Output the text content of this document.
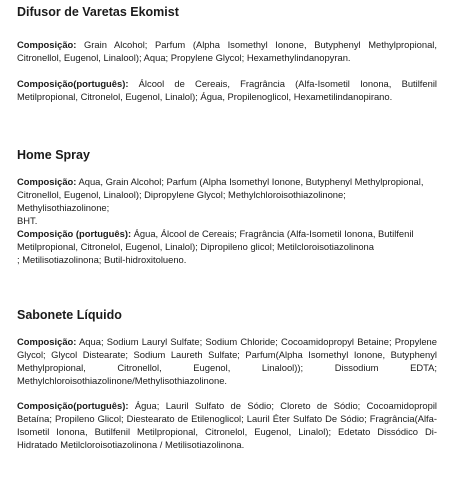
Difusor de Varetas Ekomist

Composição: Grain Alcohol; Parfum (Alpha Isomethyl Ionone, Butyphenyl Methylpropional, Citronellol, Eugenol, Linalool); Aqua; Propylene Glycol; Hexamethylindanopyran.

Composição(português): Álcool de Cereais, Fragrância (Alfa-Isometil Ionona, Butilfenil Metilpropional, Citronelol, Eugenol, Linalol); Água, Propilenoglicol, Hexametilindanopirano.

Home Spray

Composição: Aqua, Grain Alcohol; Parfum (Alpha Isomethyl Ionone, Butyphenyl Methylpropional, Citronellol, Eugenol, Linalool); Dipropylene Glycol; Methylchloroisothiazolinone; Methylisothiazolinone;

BHT.

Composição (português): Água, Álcool de Cereais; Fragrância (Alfa-Isometil Ionona, Butilfenil Metilpropional, Citronelol, Eugenol, Linalol); Dipropileno glicol; Metilcloroisotiazolinona

; Metilisotiazolinona; Butil-hidroxitolueno.

Sabonete Líquido

Composição: Aqua; Sodium Lauryl Sulfate; Sodium Chloride; Cocoamidopropyl Betaine; Propylene Glycol; Glycol Distearate; Sodium Laureth Sulfate; Parfum(Alpha Isomethyl Ionone, Butyphenyl Methylpropional, Citronellol, Eugenol, Linalool)); Dissodium EDTA; Methylchloroisothiazolinone/Methylisothiazolinone.

Composição(português): Água; Lauril Sulfato de Sódio; Cloreto de Sódio; Cocoamidopropil Betaína; Propileno Glicol; Diestearato de Etilenoglicol; Lauril Éter Sulfato De Sódio; Fragrância(Alfa-Isometil Ionona, Butilfenil Metilpropional, Citronelol, Eugenol, Linalol); Edetato Dissódico Di-Hidratado Metilcloroisotiazolinona / Metilisotiazolinona.
